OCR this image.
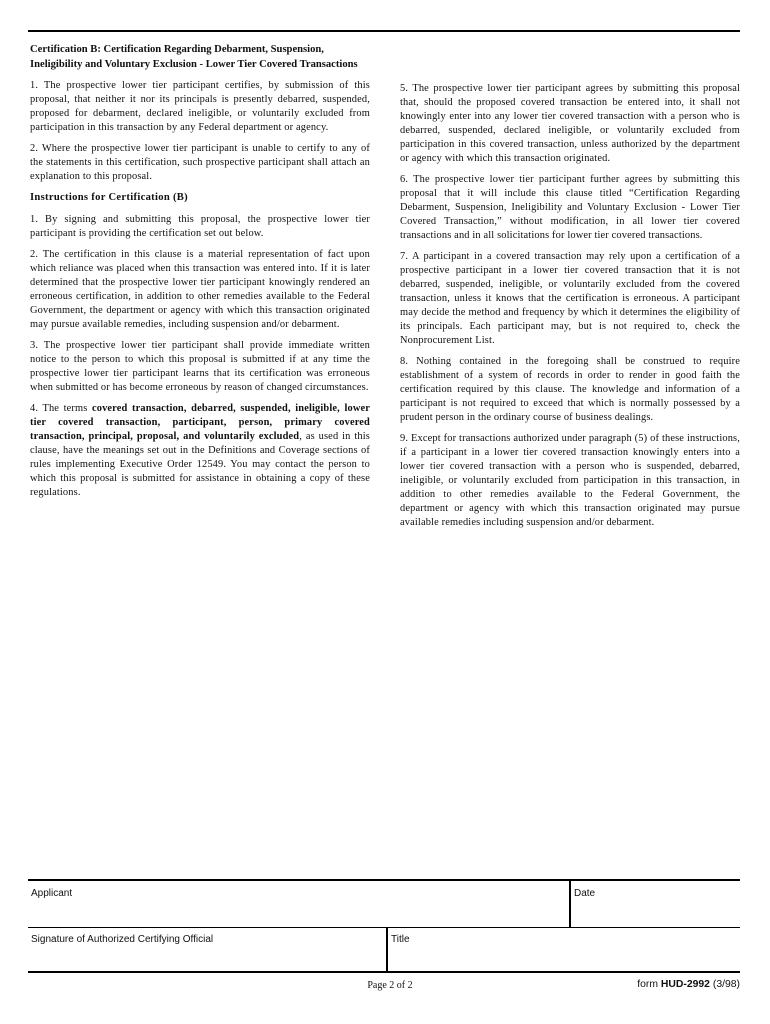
Certification B: Certification Regarding Debarment, Suspension, Ineligibility and Voluntary Exclusion - Lower Tier Covered Transactions

1. The prospective lower tier participant certifies, by submission of this proposal, that neither it nor its principals is presently debarred, suspended, proposed for debarment, declared ineligible, or voluntarily excluded from participation in this transaction by any Federal department or agency.

2. Where the prospective lower tier participant is unable to certify to any of the statements in this certification, such prospective participant shall attach an explanation to this proposal.

Instructions for Certification (B)

1. By signing and submitting this proposal, the prospective lower tier participant is providing the certification set out below.

2. The certification in this clause is a material representation of fact upon which reliance was placed when this transaction was entered into. If it is later determined that the prospective lower tier participant knowingly rendered an erroneous certification, in addition to other remedies available to the Federal Government, the department or agency with which this transaction originated may pursue available remedies, including suspension and/or debarment.

3. The prospective lower tier participant shall provide immediate written notice to the person to which this proposal is submitted if at any time the prospective lower tier participant learns that its certification was erroneous when submitted or has become erroneous by reason of changed circumstances.

4. The terms covered transaction, debarred, suspended, ineligible, lower tier covered transaction, participant, person, primary covered transaction, principal, proposal, and voluntarily excluded, as used in this clause, have the meanings set out in the Definitions and Coverage sections of rules implementing Executive Order 12549. You may contact the person to which this proposal is submitted for assistance in obtaining a copy of these regulations.

5. The prospective lower tier participant agrees by submitting this proposal that, should the proposed covered transaction be entered into, it shall not knowingly enter into any lower tier covered transaction with a person who is debarred, suspended, declared ineligible, or voluntarily excluded from participation in this covered transaction, unless authorized by the department or agency with which this transaction originated.

6. The prospective lower tier participant further agrees by submitting this proposal that it will include this clause titled “Certification Regarding Debarment, Suspension, Ineligibility and Voluntary Exclusion - Lower Tier Covered Transaction,” without modification, in all lower tier covered transactions and in all solicitations for lower tier covered transactions.

7. A participant in a covered transaction may rely upon a certification of a prospective participant in a lower tier covered transaction that it is not debarred, suspended, ineligible, or voluntarily excluded from the covered transaction, unless it knows that the certification is erroneous. A participant may decide the method and frequency by which it determines the eligibility of its principals. Each participant may, but is not required to, check the Nonprocurement List.

8. Nothing contained in the foregoing shall be construed to require establishment of a system of records in order to render in good faith the certification required by this clause. The knowledge and information of a participant is not required to exceed that which is normally possessed by a prudent person in the ordinary course of business dealings.

9. Except for transactions authorized under paragraph (5) of these instructions, if a participant in a lower tier covered transaction knowingly enters into a lower tier covered transaction with a person who is suspended, debarred, ineligible, or voluntarily excluded from participation in this transaction, in addition to other remedies available to the Federal Government, the department or agency with which this transaction originated may pursue available remedies including suspension and/or debarment.

Applicant	Date
Signature of Authorized Certifying Official	Title
Page 2 of 2	form HUD-2992 (3/98)
